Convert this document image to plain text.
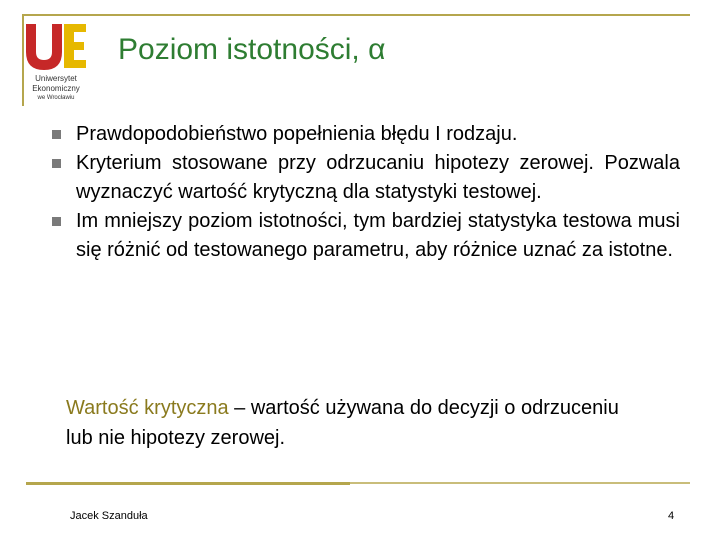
Uniwersytet
Ekonomiczny
we Wrocławiu
Poziom istotności, α
Prawdopodobieństwo popełnienia błędu I rodzaju.
Kryterium stosowane przy odrzucaniu hipotezy zerowej. Pozwala wyznaczyć wartość krytyczną dla statystyki testowej.
Im mniejszy poziom istotności, tym bardziej statystyka testowa musi się różnić od testowanego parametru, aby różnice uznać za istotne.
Wartość krytyczna – wartość używana do decyzji o odrzuceniu lub nie hipotezy zerowej.
Jacek Szanduła	4
